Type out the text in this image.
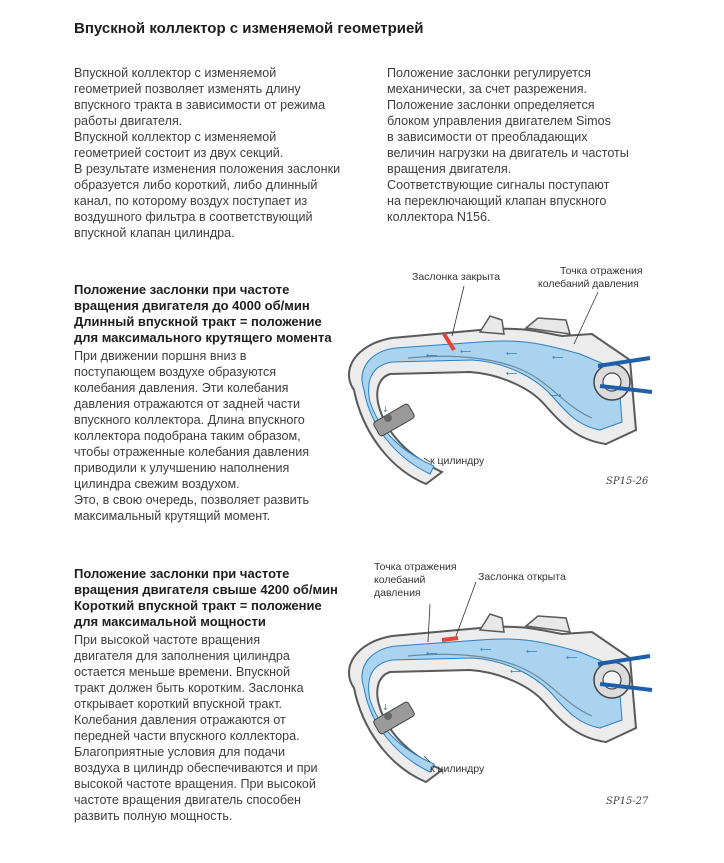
Впускной коллектор с изменяемой геометрией

Впускной коллектор с изменяемой

геометрией позволяет изменять длину

впускного тракта в зависимости от режима

работы двигателя.

Впускной коллектор с изменяемой

геометрией состоит из двух секций.

В результате изменения положения заслонки

образуется либо короткий, либо длинный

канал, по которому воздух поступает из

воздушного фильтра в соответствующий

впускной клапан цилиндра.

Положение заслонки регулируется

механически, за счет разрежения.

Положение заслонки определяется

блоком управления двигателем Simos

в зависимости от преобладающих

величин нагрузки на двигатель и частоты

вращения двигателя.

Соответствующие сигналы поступают

на переключающий клапан впускного

коллектора N156.

Положение заслонки при частоте

вращения двигателя до 4000 об/мин

Длинный впускной тракт = положение

для максимального крутящего момента

При движении поршня вниз в

поступающем воздухе образуются

колебания давления. Эти колебания

давления отражаются от задней части

впускного коллектора. Длина впускного

коллектора подобрана таким образом,

чтобы отраженные колебания давления

приводили к улучшению наполнения

цилиндра свежим воздухом.

Это, в свою очередь, позволяет развить

максимальный крутящий момент.

⟵	⟵	⟵	⟵
⟵
⟶
↓
Заслонка закрыта	Точка отражения
колебаний давления
к цилиндру
SP15-26

Положение заслонки при частоте

вращения двигателя свыше 4200 об/мин

Короткий впускной тракт = положение

для максимальной мощности

При высокой частоте вращения

двигателя для заполнения цилиндра

остается меньше времени. Впускной

тракт должен быть коротким. Заслонка

открывает короткий впускной тракт.

Колебания давления отражаются от

передней части впускного коллектора.

Благоприятные условия для подачи

воздуха в цилиндр обеспечиваются и при

высокой частоте вращения. При высокой

частоте вращения двигатель способен

развить полную мощность.

⟵	⟵	⟵
⟵
⟵
↓
Точка отражения
колебаний
давления
Заслонка открыта
к цилиндру
SP15-27
